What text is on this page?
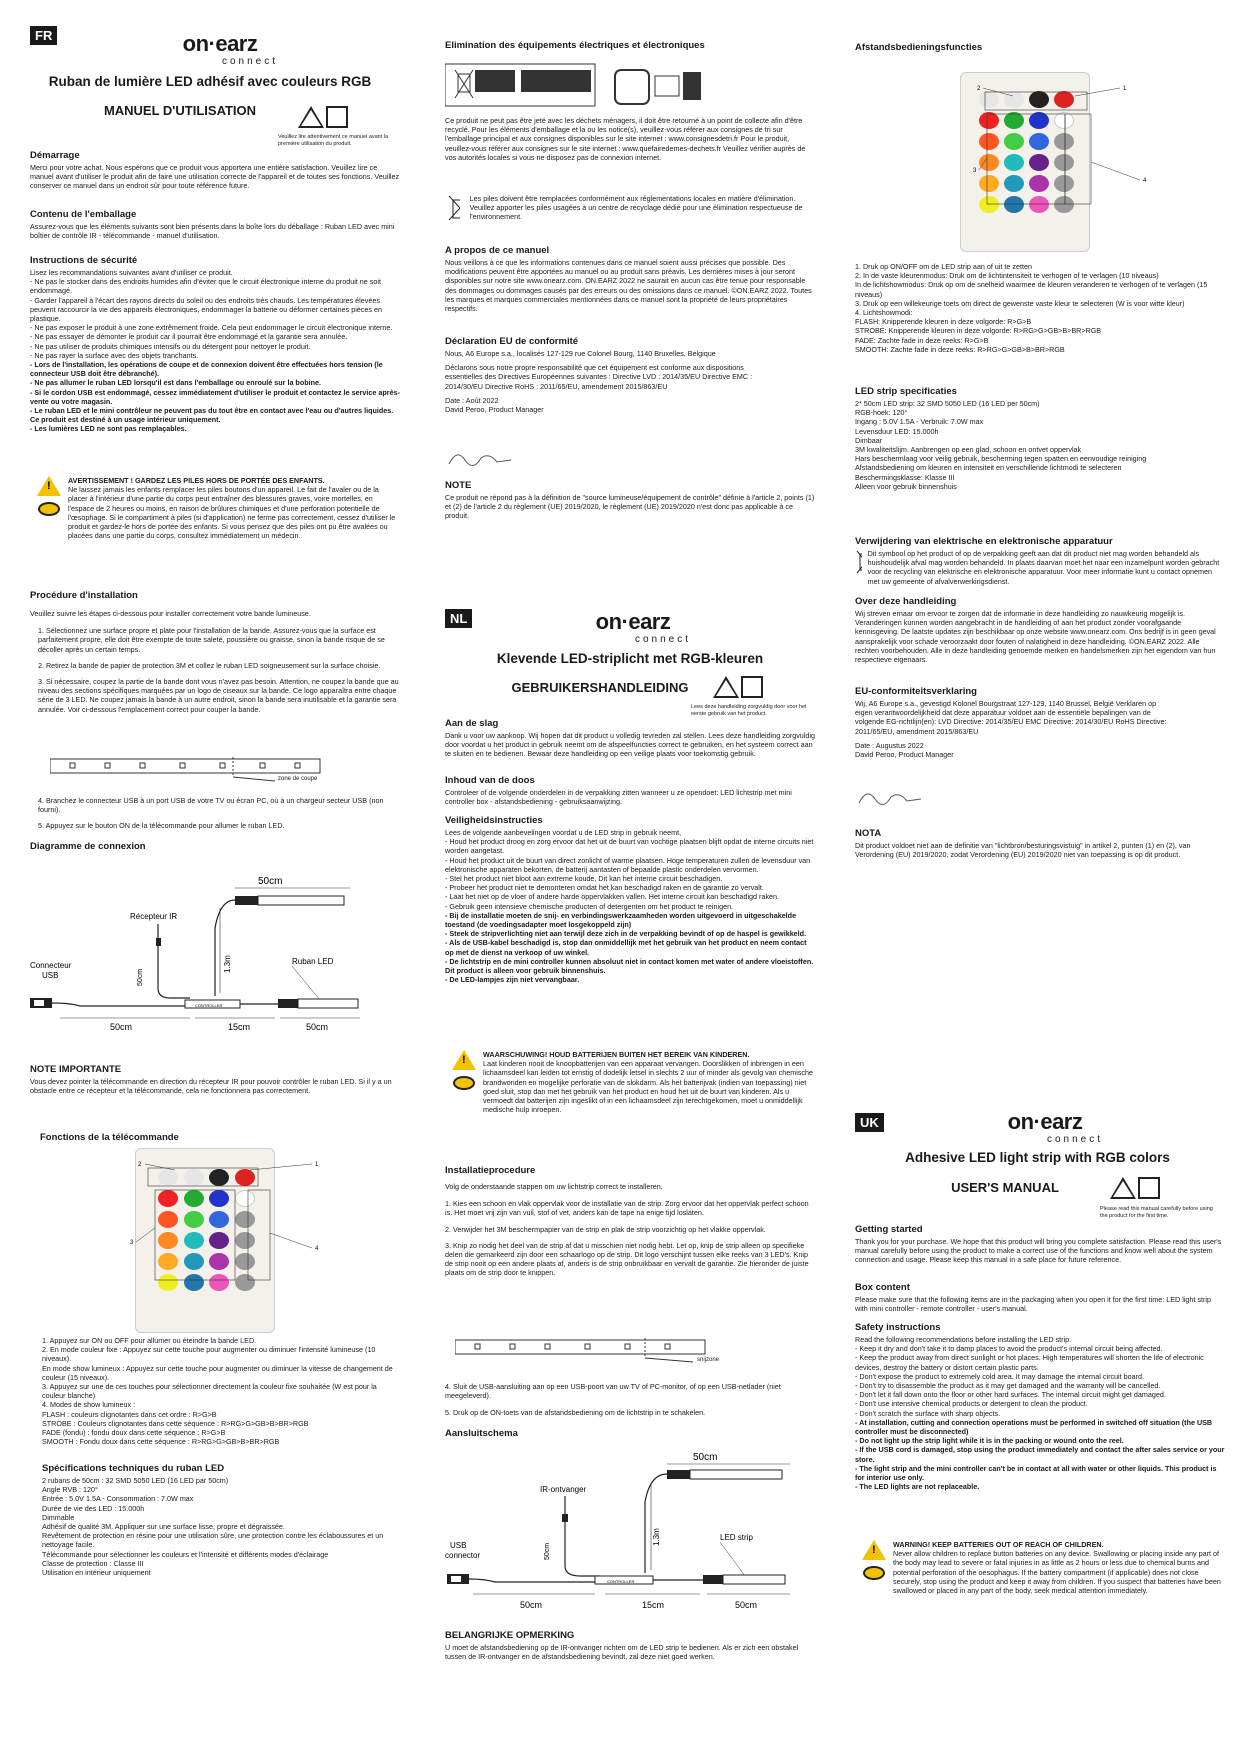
FR	on·earz
connect
Ruban de lumière LED adhésif avec couleurs RGB
MANUEL D'UTILISATION
Veuillez lire attentivement ce manuel avant la première utilisation du produit.
Démarrage

Merci pour votre achat. Nous espérons que ce produit vous apportera une entière satisfaction. Veuillez lire ce manuel avant d'utiliser le produit afin de faire une utilisation correcte de l'appareil et de toutes ses fonctions. Veuillez conserver ce manuel dans un endroit sûr pour toute référence future.

Contenu de l'emballage

Assurez-vous que les éléments suivants sont bien présents dans la boîte lors du déballage : Ruban LED avec mini boîtier de contrôle IR - télécommande - manuel d'utilisation.

Instructions de sécurité

Lisez les recommandations suivantes avant d'utiliser ce produit.

- Ne pas le stocker dans des endroits humides afin d'éviter que le circuit électronique interne du produit ne soit endommagé.

- Garder l'appareil à l'écart des rayons directs du soleil ou des endroits très chauds. Les températures élevées peuvent raccourcir la vie des appareils électroniques, endommager la batterie ou déformer certaines pièces en plastique.

- Ne pas exposer le produit à une zone extrêmement froide. Cela peut endommager le circuit électronique interne.

- Ne pas essayer de démonter le produit car il pourrait être endommagé et la garantie sera annulée.

- Ne pas utiliser de produits chimiques intensifs ou du détergent pour nettoyer le produit.

- Ne pas rayer la surface avec des objets tranchants.

- Lors de l'installation, les opérations de coupe et de connexion doivent être effectuées hors tension (le connecteur USB doit être débranché).

- Ne pas allumer le ruban LED lorsqu'il est dans l'emballage ou enroulé sur la bobine.

- Si le cordon USB est endommagé, cessez immédiatement d'utiliser le produit et contactez le service après-vente ou votre magasin.

- Le ruban LED et le mini contrôleur ne peuvent pas du tout être en contact avec l'eau ou d'autres liquides. Ce produit est destiné à un usage intérieur uniquement.

- Les lumières LED ne sont pas remplaçables.

!

AVERTISSEMENT ! GARDEZ LES PILES HORS DE PORTÉE DES ENFANTS.

Ne laissez jamais les enfants remplacer les piles boutons d'un appareil. Le fait de l'avaler ou de la placer à l'intérieur d'une partie du corps peut entraîner des blessures graves, voire mortelles, en l'espace de 2 heures ou moins, en raison de brûlures chimiques et d'une perforation potentielle de l'œsophage. Si le compartiment à piles (si d'application) ne ferme pas correctement, cessez d'utiliser le produit et gardez-le hors de portée des enfants. Si vous pensez que des piles ont pu être avalées ou placées dans une partie du corps, consultez immédiatement un médecin.

Procédure d'installation

Veuillez suivre les étapes ci-dessous pour installer correctement votre bande lumineuse.

1. Sélectionnez une surface propre et plate pour l'installation de la bande. Assurez-vous que la surface est parfaitement propre, elle doit être exempte de toute saleté, poussière ou graisse, sinon la bande risque de se décoller après un certain temps.

2. Retirez la bande de papier de protection 3M et collez le ruban LED soigneusement sur la surface choisie.

3. Si nécessaire, coupez la partie de la bande dont vous n'avez pas besoin. Attention, ne coupez la bande que au niveau des sections spécifiques marquées par un logo de ciseaux sur la bande. Ce logo apparaîtra entre chaque série de 3 LED. Ne coupez jamais la bande à un autre endroit, sinon la bande sera inutilisable et la garantie sera annulée. Voir ci-dessous l'emplacement correct pour couper la bande.

zone de coupe

4. Branchez le connecteur USB à un port USB de votre TV ou écran PC, où à un chargeur secteur USB (non fourni).

5. Appuyez sur le bouton ON de la télécommande pour allumer le ruban LED.

Diagramme de connexion
50cm
Récepteur IR
1.3m
50cm
Ruban LED
Connecteur
USB
CONTROLLER
50cm	15cm	50cm
NOTE IMPORTANTE

Vous devez pointer la télécommande en direction du récepteur IR pour pouvoir contrôler le ruban LED. Si il y a un obstacle entre ce récepteur et la télécommande, cela ne fonctionnera pas correctement.

Fonctions de la télécommande
2	1
3
4

1. Appuyez sur ON ou OFF pour allumer ou éteindre la bande LED.

2. En mode couleur fixe : Appuyez sur cette touche pour augmenter ou diminuer l'intensité lumineuse (10 niveaux).

En mode show lumineux : Appuyez sur cette touche pour augmenter ou diminuer la vitesse de changement de couleur (15 niveaux).

3. Appuyez sur une de ces touches pour sélectionner directement la couleur fixe souhaitée (W est pour la couleur blanche)

4. Modes de show lumineux :

FLASH : couleurs clignotantes dans cet ordre : R>G>B

STROBE : Couleurs clignotantes dans cette séquence : R>RG>G>GB>B>BR>RGB

FADE (fondu) : fondu doux dans cette séquence : R>G>B

SMOOTH : Fondu doux dans cette séquence : R>RG>G>GB>B>BR>RGB

Spécifications techniques du ruban LED

2 rubans de 50cm : 32 SMD 5050 LED (16 LED par 50cm)

Angle RVB : 120°

Entrée : 5.0V 1.5A - Consommation : 7.0W max

Durée de vie des LED : 15.000h

Dimmable

Adhésif de qualité 3M. Appliquer sur une surface lisse, propre et dégraissée.

Revêtement de protection en résine pour une utilisation sûre, une protection contre les éclaboussures et un nettoyage facile.

Télécommande pour sélectionner les couleurs et l'intensité et différents modes d'éclairage

Classe de protection : Classe III

Utilisation en intérieur uniquement

Elimination des équipements électriques et électroniques

Ce produit ne peut pas être jeté avec les déchets ménagers, il doit être retourné à un point de collecte afin d'être recyclé. Pour les éléments d'emballage et la ou les notice(s), veuillez-vous référer aux consignes de tri sur l'emballage principal et aux consignes disponibles sur le site internet : www.consignesdetri.fr Pour le produit, veuillez-vous référer aux consignes sur le site internet : www.quefairedemes-dechets.fr Veuillez vérifier auprès de vos autorités locales si vous ne disposez pas de connexion internet.

Les piles doivent être remplacées conformément aux réglementations locales en matière d'élimination. Veuillez apporter les piles usagées à un centre de recyclage dédié pour une élimination respectueuse de l'environnement.

A propos de ce manuel

Nous veillons à ce que les informations contenues dans ce manuel soient aussi précises que possible. Des modifications peuvent être apportées au manuel ou au produit sans préavis. Les dernières mises à jour seront disponibles sur notre site www.onearz.com. ON.EARZ 2022 ne saurait en aucun cas être tenue pour responsable des dommages ou dommages causés par des erreurs ou des omissions dans ce manuel. ©ON.EARZ 2022. Toutes les marques et marques commerciales mentionnées dans ce manuel sont la propriété de leurs propriétaires respectifs.

Déclaration EU de conformité

Nous, A6 Europe s.a., localisés 127-129 rue Colonel Bourg, 1140 Bruxelles, Belgique

Déclarons sous notre propre responsabilité que cet équipement est conforme aux dispositions essentielles des Directives Européennes suivantes : Directive LVD : 2014/35/EU Directive EMC : 2014/30/EU Directive RoHS : 2011/65/EU, amendement 2015/863/EU

Date : Août 2022

David Peroo, Product Manager

NOTE

Ce produit ne répond pas à la définition de "source lumineuse/équipement de contrôle" définie à l'article 2, points (1) et (2) de l'article 2 du règlement (UE) 2019/2020, le règlement (UE) 2019/2020 n'est donc pas applicable à ce produit.

NL	on·earz
connect
Klevende LED-striplicht met RGB-kleuren
GEBRUIKERSHANDLEIDING
Lees deze handleiding zorgvuldig door voor het eerste gebruik van het product.
Aan de slag

Dank u voor uw aankoop. Wij hopen dat dit product u volledig tevreden zal stellen. Lees deze handleiding zorgvuldig door voordat u het product in gebruik neemt om de afspeelfuncties correct te gebruiken, en het systeem correct aan te sluiten en te bedienen. Bewaar deze handleiding op een veilige plaats voor toekomstig gebruik.

Inhoud van de doos

Controleer of de volgende onderdelen in de verpakking zitten wanneer u ze opendoet: LED lichtstrip met mini controller box - afstandsbediening - gebruiksaanwijzing.

Veiligheidsinstructies

Lees de volgende aanbevelingen voordat u de LED strip in gebruik neemt,

- Houd het product droog en zorg ervoor dat het uit de buurt van vochtige plaatsen blijft opdat de interne circuits niet worden aangetast.

- Houd het product uit de buurt van direct zonlicht of warme plaatsen. Hoge temperaturen zullen de levensduur van elektronische apparaten bekorten, de batterij aantasten of bepaalde plastic onderdelen vervormen.

- Stel het product niet bloot aan extreme koude, Dit kan het interne circuit beschadigen.

- Probeer het product niet te demonteren omdat het kan beschadigd raken en de garantie zo vervalt.

- Laat het niet op de vloer of andere harde oppervlakken vallen. Het interne circuit kan beschadigd raken.

- Gebruik geen intensieve chemische producten of detergenten om het product te reinigen.

- Bij de installatie moeten de snij- en verbindingswerkzaamheden worden uitgevoerd in uitgeschakelde toestand (de voedingsadapter moet losgekoppeld zijn)

- Steek de stripverlichting niet aan terwijl deze zich in de verpakking bevindt of op de haspel is gewikkeld.

- Als de USB-kabel beschadigd is, stop dan onmiddellijk met het gebruik van het product en neem contact op met de dienst na verkoop of uw winkel.

- De lichtstrip en de mini controller kunnen absoluut niet in contact komen met water of andere vloeistoffen. Dit product is alleen voor gebruik binnenshuis.

- De LED-lampjes zijn niet vervangbaar.

!

WAARSCHUWING! HOUD BATTERIJEN BUITEN HET BEREIK VAN KINDEREN.

Laat kinderen nooit de knoopbatterijen van een apparaat vervangen. Doorslikken of inbrengen in een lichaamsdeel kan leiden tot ernstig of dodelijk letsel in slechts 2 uur of minder als gevolg van chemische brandwonden en mogelijke perforatie van de slokdarm. Als het batterijvak (indien van toepassing) niet goed sluit, stop dan met het gebruik van het product en houd het uit de buurt van kinderen. Als u vermoedt dat batterijen zijn ingeslikt of in een lichaamsdeel zijn terechtgekomen, moet u onmiddellijk medische hulp inroepen.

Installatieprocedure

Volg de onderstaande stappen om uw lichtstrip correct te installeren.

1. Kies een schoon en vlak oppervlak voor de installatie van de strip. Zorg ervoor dat het oppervlak perfect schoon is. Het moet vrij zijn van vuil, stof of vet, anders kan de tape na enige tijd loslaten.

2. Verwijder het 3M beschermpapier van de strip en plak de strip voorzichtig op het vlakke oppervlak.

3. Knip zo nodig het deel van de strip af dat u misschien niet nodig hebt. Let op, knip de strip alleen op specifieke delen die gemarkeerd zijn door een schaarlogo op de strip. Dit logo verschijnt tussen elke reeks van 3 LED's. Knip de strip nooit op een andere plaats af, anders is de strip onbruikbaar en vervalt de garantie. Zie hieronder de juiste plaats om de strip door te knippen.

snijzone

4. Sluit de USB-aansluiting aan op een USB-poort van uw TV of PC-monitor, of op een USB-netlader (niet meegeleverd).

5. Druk op de ON-toets van de afstandsbediening om de lichtstrip in te schakelen.

Aansluitschema
50cm
IR-ontvanger
1.3m
50cm
LED strip
USB
connector
CONTROLLER
50cm	15cm	50cm
BELANGRIJKE OPMERKING

U moet de afstandsbediening op de IR-ontvanger richten om de LED strip te bedienen. Als er zich een obstakel tussen de IR-ontvanger en de afstandsbediening bevindt, zal deze niet goed werken.

Afstandsbedieningsfuncties
2	1
3
4

1. Druk op ON/OFF om de LED strip aan of uit te zetten

2. In de vaste kleurenmodus: Druk om de lichtintensiteit te verhogen of te verlagen (10 niveaus)

In de lichtshowmodus: Druk op om de snelheid waarmee de kleuren veranderen te verhogen of te verlagen (15 niveaus)

3. Druk op een willekeurige toets om direct de gewenste vaste kleur te selecteren (W is voor witte kleur)

4. Lichtshowmodi:

FLASH: Knipperende kleuren in deze volgorde: R>G>B

STROBE: Knipperende kleuren in deze volgorde: R>RG>G>GB>B>BR>RGB

FADE: Zachte fade in deze reeks: R>G>B

SMOOTH: Zachte fade in deze reeks: R>RG>G>GB>B>BR>RGB

LED strip specificaties

2* 50cm LED strip: 32 SMD 5050 LED (16 LED per 50cm)

RGB-hoek: 120°

Ingang : 5.0V 1.5A - Verbruik: 7.0W max

Levensduur LED: 15.000h

Dimbaar

3M kwaliteitslijm. Aanbrengen op een glad, schoon en ontvet oppervlak

Hars beschermlaag voor veilig gebruik, bescherming tegen spatten en eenvoudige reiniging

Afstandsbediening om kleuren en intensiteit en verschillende lichtmodi te selecteren

Beschermingsklasse: Klasse III

Alleen voor gebruik binnenshuis

Verwijdering van elektrische en elektronische apparatuur

Dit symbool op het product of op de verpakking geeft aan dat dit product niet mag worden behandeld als huishoudelijk afval mag worden behandeld. In plaats daarvan moet het naar een inzamelpunt worden gebracht voor de recycling van elektrische en elektronische apparatuur. Voor meer informatie kunt u contact opnemen met uw gemeente of afvalverwerkingsdienst.

Over deze handleiding

Wij streven ernaar om ervoor te zorgen dat de informatie in deze handleiding zo nauwkeurig mogelijk is. Veranderingen kunnen worden aangebracht in de handleiding of aan het product zonder voorafgaande kennisgeving. De laatste updates zijn beschikbaar op onze website www.onearz.com. Ons bedrijf is in geen geval aansprakelijk voor schade veroorzaakt door fouten of nalatigheid in deze handleiding. ©ON.EARZ 2022. Alle rechten voorbehouden. Alle in deze handleiding genoemde merken en handelsmerken zijn het eigendom van hun respectieve eigenaars.

EU-conformiteitsverklaring

Wij, A6 Europe s.a., gevestigd Kolonel Bourgstraat 127-129, 1140 Brussel, België Verklaren op eigen verantwoordelijkheid dat deze apparatuur voldoet aan de essentiële bepalingen van de volgende EG-richtlijn(en): LVD Directive: 2014/35/EU EMC Directive: 2014/30/EU RoHS Directive: 2011/65/EU, amendment 2015/863/EU

Date : Augustus 2022

David Peroo, Product Manager

NOTA

Dit product voldoet niet aan de definitie van "lichtbron/besturingsvistuig" in artikel 2, punten (1) en (2), van Verordening (EU) 2019/2020, zodat Verordening (EU) 2019/2020 niet van toepassing is op dit product.

UK	on·earz
connect
Adhesive LED light strip with RGB colors
USER'S MANUAL
Please read this manual carefully before using the product for the first time.
Getting started

Thank you for your purchase. We hope that this product will bring you complete satisfaction. Please read this user's manual carefully before using the product to make a correct use of the functions and know well about the system connection and usage. Please keep this manual in a safe place for future reference.

Box content

Please make sure that the following items are in the packaging when you open it for the first time: LED light strip with mini controller - remote controller - user's manual.

Safety instructions

Read the following recommendations before installing the LED strip.

- Keep it dry and don't take it to damp places to avoid the product's internal circuit being affected.

- Keep the product away from direct sunlight or hot places. High temperatures will shorten the life of electronic devices, destroy the battery or distort certain plastic parts.

- Don't expose the product to extremely cold area. It may damage the internal circuit board.

- Don't try to disassemble the product as it may get damaged and the warranty will be cancelled.

- Don't let it fall down onto the floor or other hard surfaces. The internal circuit might get damaged.

- Don't use intensive chemical products or detergent to clean the product.

- Don't scratch the surface with sharp objects.

- At installation, cutting and connection operations must be performed in switched off situation (the USB controller must be disconnected)

- Do not light up the strip light while it is in the packing or wound onto the reel.

- If the USB cord is damaged, stop using the product immediately and contact the after sales service or your store.

- The light strip and the mini controller can't be in contact at all with water or other liquids. This product is for interior use only.

- The LED lights are not replaceable.

!

WARNING! KEEP BATTERIES OUT OF REACH OF CHILDREN.

Never allow children to replace button batteries on any device. Swallowing or placing inside any part of the body may lead to severe or fatal injuries in as little as 2 hours or less due to chemical burns and potential perforation of the oesophagus. If the battery compartment (if applicable) does not close securely, stop using the product and keep it away from children. If you suspect that batteries have been swallowed or placed in any part of the body, seek medical attention immediately.
